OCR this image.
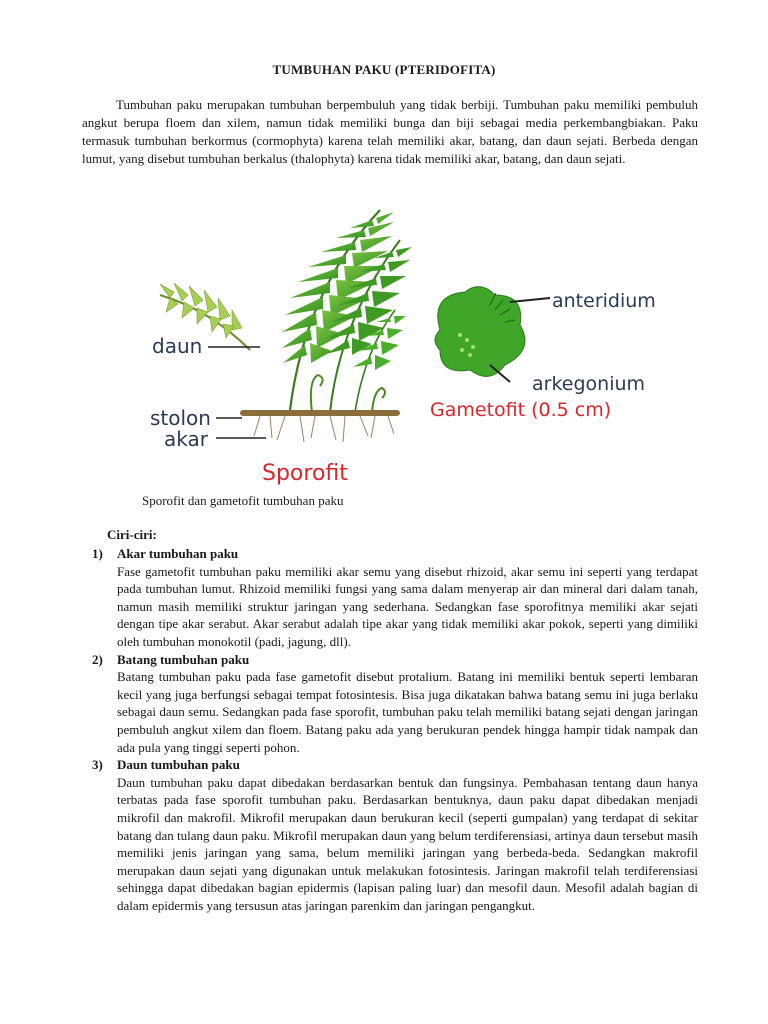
TUMBUHAN PAKU (PTERIDOFITA)

Tumbuhan paku merupakan tumbuhan berpembuluh yang tidak berbiji. Tumbuhan paku memiliki pembuluh angkut berupa floem dan xilem, namun tidak memiliki bunga dan biji sebagai media perkembangbiakan. Paku termasuk tumbuhan berkormus (cormophyta) karena telah memiliki akar, batang, dan daun sejati. Berbeda dengan lumut, yang disebut tumbuhan berkalus (thalophyta) karena tidak memiliki akar, batang, dan daun sejati.

daun
stolon
akar
Sporofit
anteridium
arkegonium
Gametofit (0.5 cm)
Sporofit dan gametofit tumbuhan paku
Ciri-ciri:
1) Akar tumbuhan paku

Fase gametofit tumbuhan paku memiliki akar semu yang disebut rhizoid, akar semu ini seperti yang terdapat pada tumbuhan lumut. Rhizoid memiliki fungsi yang sama dalam menyerap air dan mineral dari dalam tanah, namun masih memiliki struktur jaringan yang sederhana. Sedangkan fase sporofitnya memiliki akar sejati dengan tipe akar serabut. Akar serabut adalah tipe akar yang tidak memiliki akar pokok, seperti yang dimiliki oleh tumbuhan monokotil (padi, jagung, dll).

2) Batang tumbuhan paku

Batang tumbuhan paku pada fase gametofit disebut protalium. Batang ini memiliki bentuk seperti lembaran kecil yang juga berfungsi sebagai tempat fotosintesis. Bisa juga dikatakan bahwa batang semu ini juga berlaku sebagai daun semu. Sedangkan pada fase sporofit, tumbuhan paku telah memiliki batang sejati dengan jaringan pembuluh angkut xilem dan floem. Batang paku ada yang berukuran pendek hingga hampir tidak nampak dan ada pula yang tinggi seperti pohon.

3) Daun tumbuhan paku

Daun tumbuhan paku dapat dibedakan berdasarkan bentuk dan fungsinya. Pembahasan tentang daun hanya terbatas pada fase sporofit tumbuhan paku. Berdasarkan bentuknya, daun paku dapat dibedakan menjadi mikrofil dan makrofil. Mikrofil merupakan daun berukuran kecil (seperti gumpalan) yang terdapat di sekitar batang dan tulang daun paku. Mikrofil merupakan daun yang belum terdiferensiasi, artinya daun tersebut masih memiliki jenis jaringan yang sama, belum memiliki jaringan yang berbeda-beda. Sedangkan makrofil merupakan daun sejati yang digunakan untuk melakukan fotosintesis. Jaringan makrofil telah terdiferensiasi sehingga dapat dibedakan bagian epidermis (lapisan paling luar) dan mesofil daun. Mesofil adalah bagian di dalam epidermis yang tersusun atas jaringan parenkim dan jaringan pengangkut.
